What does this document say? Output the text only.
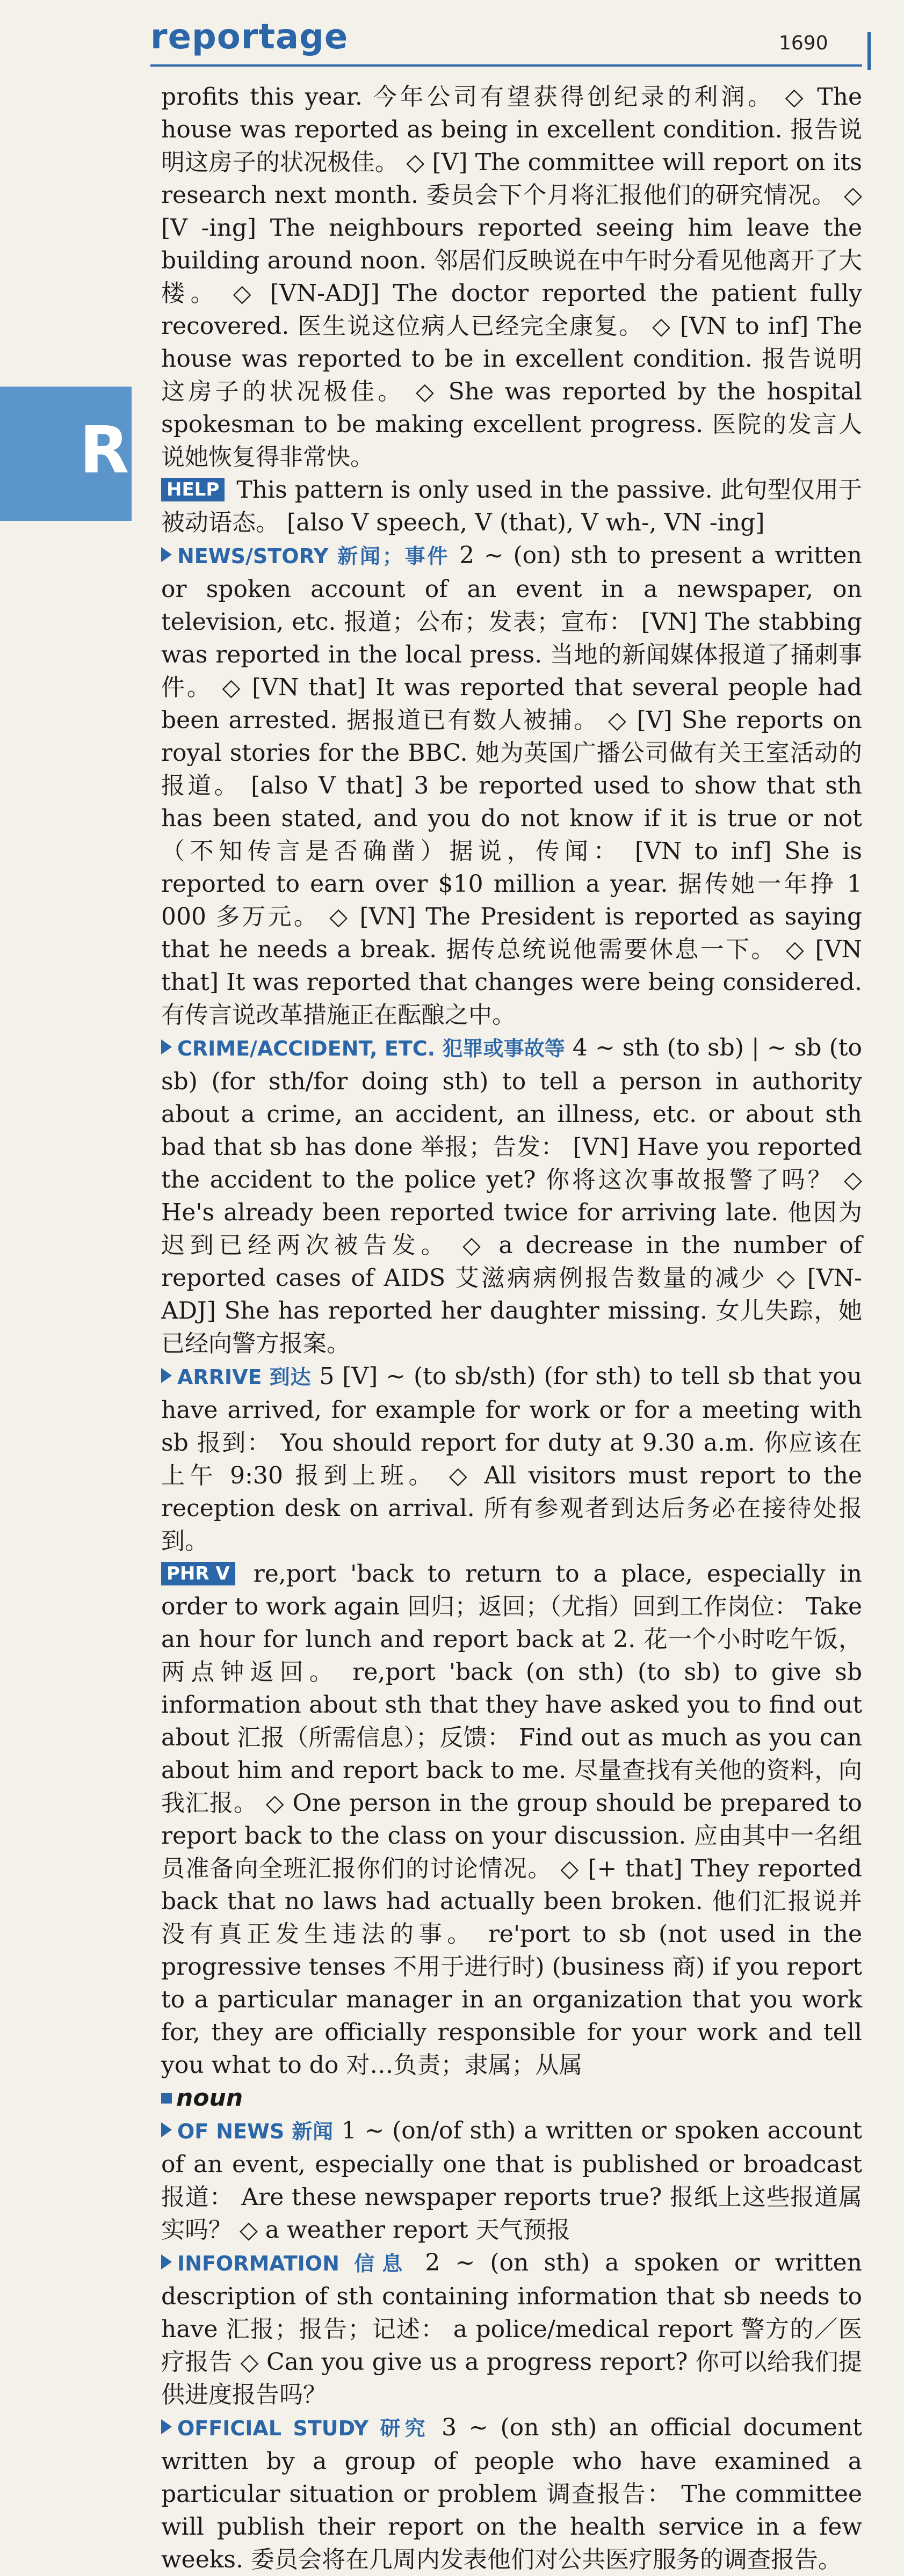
reportage	1690
R

profits this year. 今年公司有望获得创纪录的利润。 ◇ The house was reported as being in excellent condition. 报告说明这房子的状况极佳。 ◇ [V] The committee will report on its research next month. 委员会下个月将汇报他们的研究情况。 ◇ [V -ing] The neighbours reported seeing him leave the building around noon. 邻居们反映说在中午时分看见他离开了大楼。 ◇ [VN-ADJ] The doctor reported the patient fully recovered. 医生说这位病人已经完全康复。 ◇ [VN to inf] The house was reported to be in excellent condition. 报告说明这房子的状况极佳。 ◇ She was reported by the hospital spokesman to be making excellent progress. 医院的发言人说她恢复得非常快。

HELP This pattern is only used in the passive. 此句型仅用于被动语态。 [also V speech, V (that), V wh-, VN -ing]

NEWS/STORY 新闻；事件 2 ~ (on) sth to present a written or spoken account of an event in a newspaper, on television, etc. 报道；公布；发表；宣布： [VN] The stabbing was reported in the local press. 当地的新闻媒体报道了捅刺事件。 ◇ [VN that] It was reported that several people had been arrested. 据报道已有数人被捕。 ◇ [V] She reports on royal stories for the BBC. 她为英国广播公司做有关王室活动的报道。 [also V that] 3 be reported used to show that sth has been stated, and you do not know if it is true or not（不知传言是否确凿）据说，传闻： [VN to inf] She is reported to earn over $10 million a year. 据传她一年挣 1 000 多万元。 ◇ [VN] The President is reported as saying that he needs a break. 据传总统说他需要休息一下。 ◇ [VN that] It was reported that changes were being considered. 有传言说改革措施正在酝酿之中。

CRIME/ACCIDENT, ETC. 犯罪或事故等 4 ~ sth (to sb) | ~ sb (to sb) (for sth/for doing sth) to tell a person in authority about a crime, an accident, an illness, etc. or about sth bad that sb has done 举报；告发： [VN] Have you reported the accident to the police yet? 你将这次事故报警了吗？ ◇ He's already been reported twice for arriving late. 他因为迟到已经两次被告发。 ◇ a decrease in the number of reported cases of AIDS 艾滋病病例报告数量的减少 ◇ [VN-ADJ] She has reported her daughter missing. 女儿失踪，她已经向警方报案。

ARRIVE 到达 5 [V] ~ (to sb/sth) (for sth) to tell sb that you have arrived, for example for work or for a meeting with sb 报到： You should report for duty at 9.30 a.m. 你应该在上午 9:30 报到上班。 ◇ All visitors must report to the reception desk on arrival. 所有参观者到达后务必在接待处报到。

PHR V re,port 'back to return to a place, especially in order to work again 回归；返回；（尤指）回到工作岗位： Take an hour for lunch and report back at 2. 花一个小时吃午饭，两点钟返回。 re,port 'back (on sth) (to sb) to give sb information about sth that they have asked you to find out about 汇报（所需信息）；反馈： Find out as much as you can about him and report back to me. 尽量查找有关他的资料，向我汇报。 ◇ One person in the group should be prepared to report back to the class on your discussion. 应由其中一名组员准备向全班汇报你们的讨论情况。 ◇ [+ that] They reported back that no laws had actually been broken. 他们汇报说并没有真正发生违法的事。 re'port to sb (not used in the progressive tenses 不用于进行时) (business 商) if you report to a particular manager in an organization that you work for, they are officially responsible for your work and tell you what to do 对…负责；隶属；从属

noun

OF NEWS 新闻 1 ~ (on/of sth) a written or spoken account of an event, especially one that is published or broadcast 报道： Are these newspaper reports true? 报纸上这些报道属实吗？ ◇ a weather report 天气预报

INFORMATION 信息 2 ~ (on sth) a spoken or written description of sth containing information that sb needs to have 汇报；报告；记述： a police/medical report 警方的／医疗报告 ◇ Can you give us a progress report? 你可以给我们提供进度报告吗？

OFFICIAL STUDY 研究 3 ~ (on sth) an official document written by a group of people who have examined a particular situation or problem 调查报告： The committee will publish their report on the health service in a few weeks. 委员会将在几周内发表他们对公共医疗服务的调查报告。
